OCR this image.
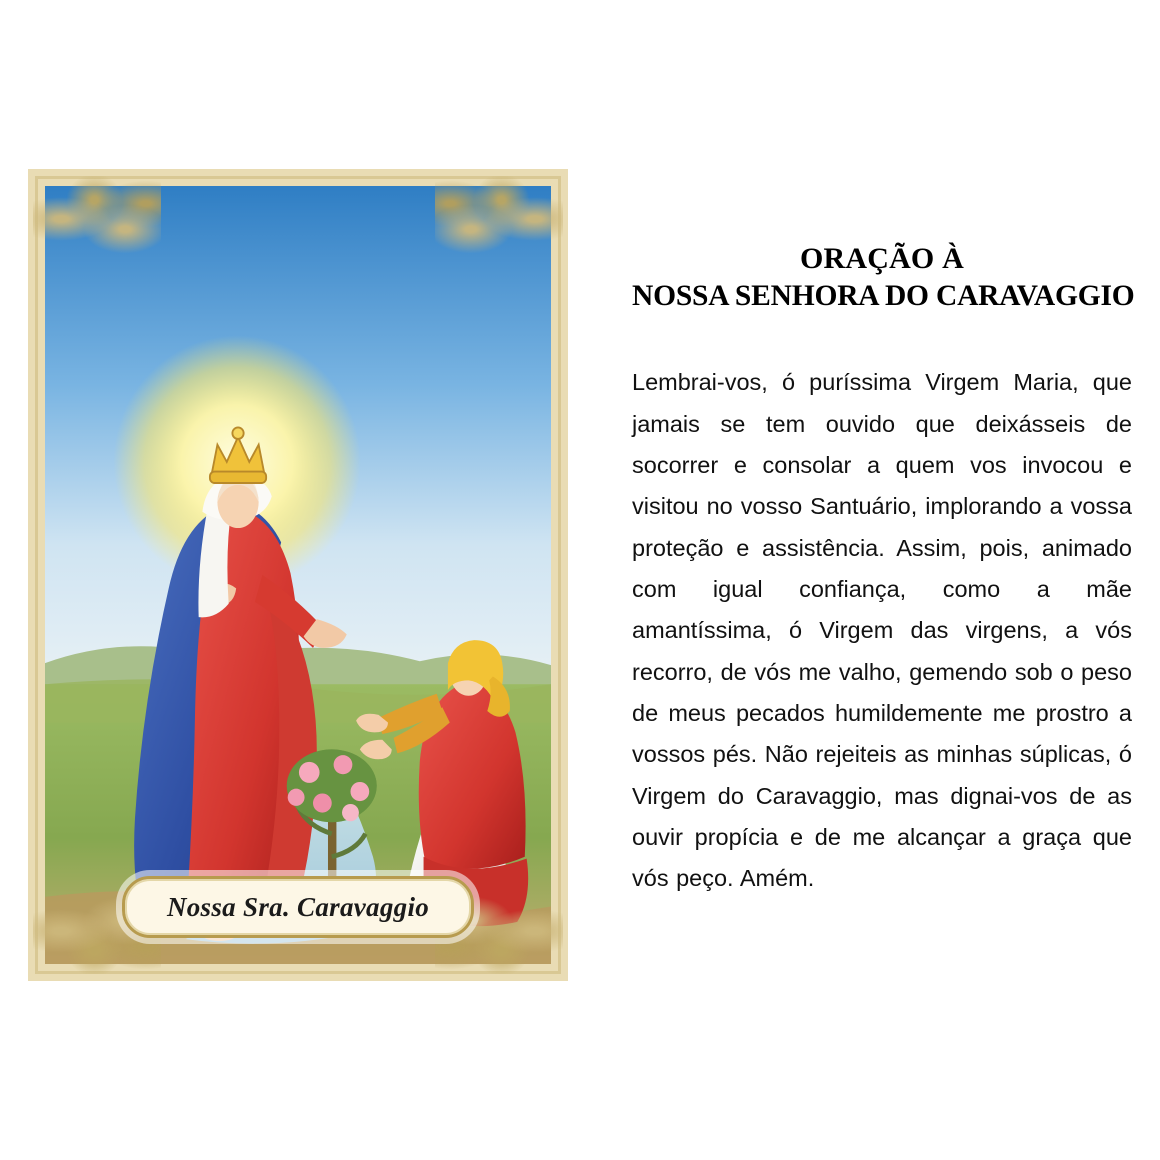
Nossa Sra. Caravaggio
ORAÇÃO À
NOSSA SENHORA DO CARAVAGGIO
Lembrai-vos, ó puríssima Virgem Maria, que jamais se tem ouvido que deixásseis de socorrer e consolar a quem vos invocou e visitou no vosso Santuário, implorando a vossa proteção e assistência. Assim, pois, animado com igual confiança, como a mãe amantíssima, ó Virgem das virgens, a vós recorro, de vós me valho, gemendo sob o peso de meus pecados humildemente me prostro a vossos pés. Não rejeiteis as minhas súplicas, ó Virgem do Caravaggio, mas dignai-vos de as ouvir propícia e de me alcançar a graça que vós peço. Amém.
